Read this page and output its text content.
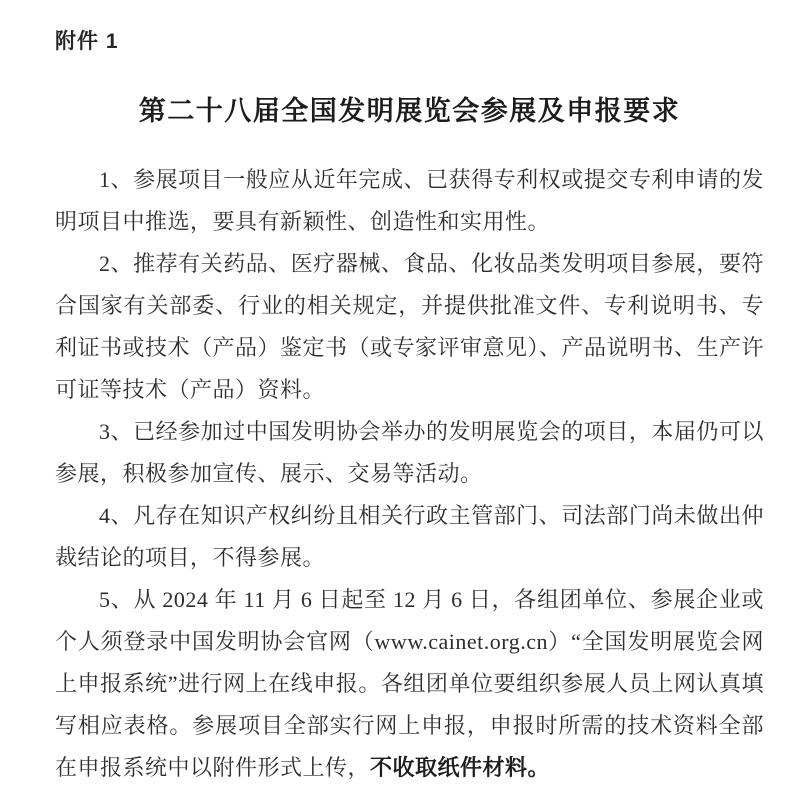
附件 1
第二十八届全国发明展览会参展及申报要求

1、参展项目一般应从近年完成、已获得专利权或提交专利申请的发明项目中推选，要具有新颖性、创造性和实用性。

2、推荐有关药品、医疗器械、食品、化妆品类发明项目参展，要符合国家有关部委、行业的相关规定，并提供批准文件、专利说明书、专利证书或技术（产品）鉴定书（或专家评审意见）、产品说明书、生产许可证等技术（产品）资料。

3、已经参加过中国发明协会举办的发明展览会的项目，本届仍可以参展，积极参加宣传、展示、交易等活动。

4、凡存在知识产权纠纷且相关行政主管部门、司法部门尚未做出仲裁结论的项目，不得参展。

5、从 2024 年 11 月 6 日起至 12 月 6 日，各组团单位、参展企业或个人须登录中国发明协会官网（www.cainet.org.cn）“全国发明展览会网上申报系统”进行网上在线申报。各组团单位要组织参展人员上网认真填写相应表格。参展项目全部实行网上申报，申报时所需的技术资料全部在申报系统中以附件形式上传，不收取纸件材料。
